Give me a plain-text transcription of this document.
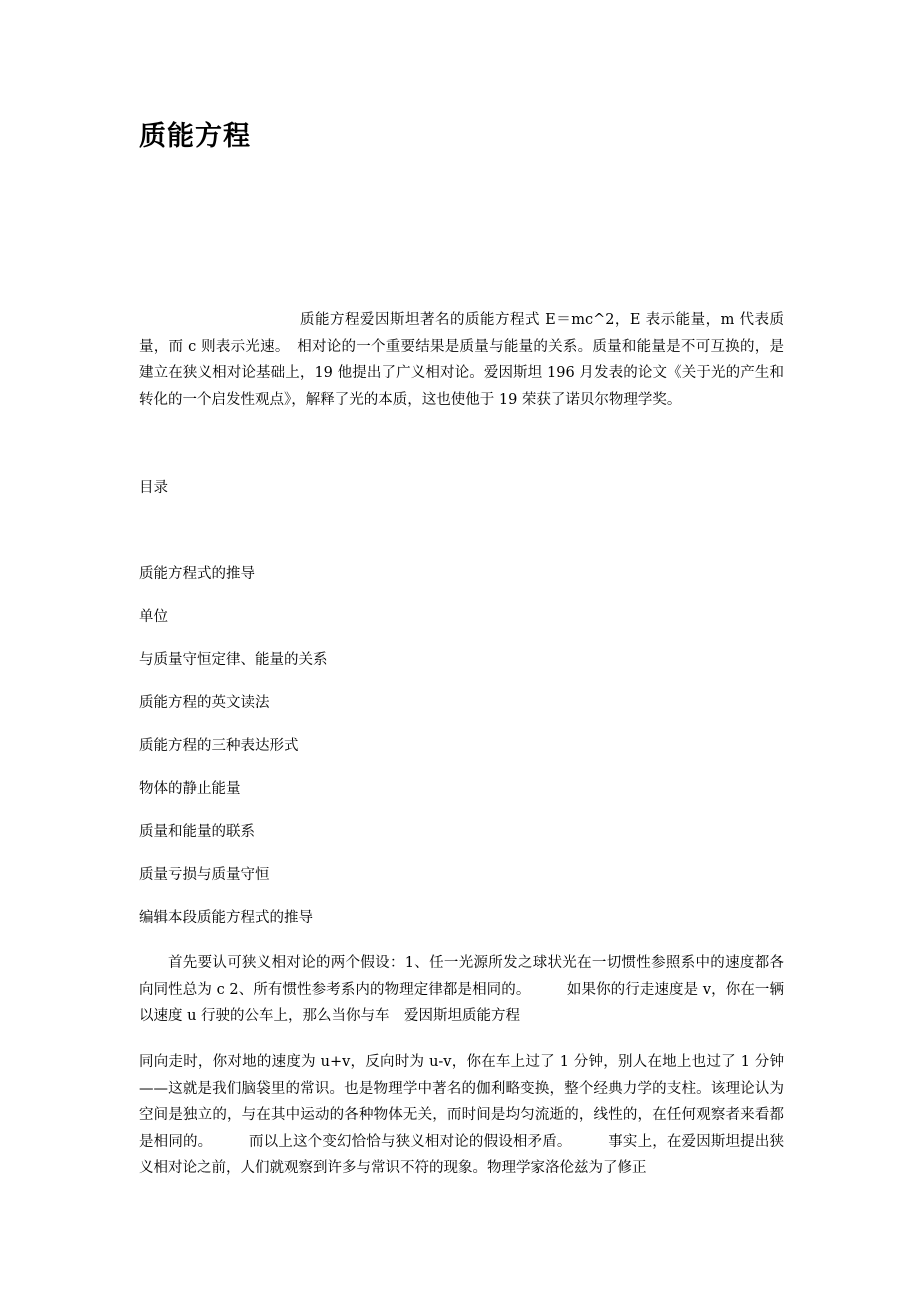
质能方程

质能方程爱因斯坦著名的质能方程式 E＝mc^2，E 表示能量，m 代表质量，而 c 则表示光速。　相对论的一个重要结果是质量与能量的关系。质量和能量是不可互换的，是建立在狭义相对论基础上，19 他提出了广义相对论。爱因斯坦 196 月发表的论文《关于光的产生和转化的一个启发性观点》，解释了光的本质，这也使他于 19 荣获了诺贝尔物理学奖。

目录

质能方程式的推导
单位
与质量守恒定律、能量的关系
质能方程的英文读法
质能方程的三种表达形式
物体的静止能量
质量和能量的联系
质量亏损与质量守恒
编辑本段质能方程式的推导

首先要认可狭义相对论的两个假设：1、任一光源所发之球状光在一切惯性参照系中的速度都各向同性总为 c 2、所有惯性参考系内的物理定律都是相同的。　　　如果你的行走速度是 v，你在一辆以速度 u 行驶的公车上，那么当你与车　爱因斯坦质能方程

同向走时，你对地的速度为 u+v，反向时为 u-v，你在车上过了 1 分钟，别人在地上也过了 1 分钟——这就是我们脑袋里的常识。也是物理学中著名的伽利略变换，整个经典力学的支柱。该理论认为空间是独立的，与在其中运动的各种物体无关，而时间是均匀流逝的，线性的，在任何观察者来看都是相同的。　　　而以上这个变幻恰恰与狭义相对论的假设相矛盾。　　　事实上，在爱因斯坦提出狭义相对论之前，人们就观察到许多与常识不符的现象。物理学家洛伦兹为了修正
